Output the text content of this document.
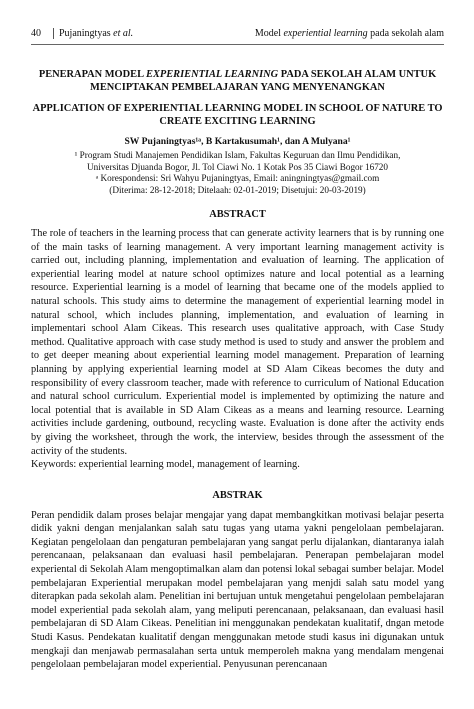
40	Pujaningtyas et al.	Model experiential learning pada sekolah alam
PENERAPAN MODEL EXPERIENTIAL LEARNING PADA SEKOLAH ALAM UNTUK MENCIPTAKAN PEMBELAJARAN YANG MENYENANGKAN
APPLICATION OF EXPERIENTIAL LEARNING MODEL IN SCHOOL OF NATURE TO CREATE EXCITING LEARNING
SW Pujaningtyas¹ᵃ, B Kartakusumah¹, dan A Mulyana¹
¹ Program Studi Manajemen Pendidikan Islam, Fakultas Keguruan dan Ilmu Pendidikan,
Universitas Djuanda Bogor, Jl. Tol Ciawi No. 1 Kotak Pos 35 Ciawi Bogor 16720
ᵃ Korespondensi: Sri Wahyu Pujaningtyas, Email: aningningtyas@gmail.com
(Diterima: 28-12-2018; Ditelaah: 02-01-2019; Disetujui: 20-03-2019)
ABSTRACT

The role of teachers in the learning process that can generate activity learners that is by running one of the main tasks of learning management. A very important learning management activity is carried out, including planning, implementation and evaluation of learning. The application of experiential learing model at nature school optimizes nature and local potential as a learning resource. Experiential learning is a model of learning that became one of the models applied to natural schools. This study aims to determine the management of experiential learning model in natural school, which includes planning, implementation, and evaluation of learning in implementari school Alam Cikeas. This research uses qualitative approach, with Case Study method. Qualitative approach with case study method is used to study and answer the problem and to get deeper meaning about experiential learning model management. Preparation of learning planning by applying experiential learning model at SD Alam Cikeas becomes the duty and responsibility of every classroom teacher, made with reference to curriculum of National Education and natural school curriculum. Experiential model is implemented by optimizing the nature and local potential that is available in SD Alam Cikeas as a means and learning resource. Learning activities include gardening, outbound, recycling waste. Evaluation is done after the activity ends by giving the worksheet, through the work, the interview, besides through the assessment of the activity of the students.

Keywords: experiential learning model, management of learning.

ABSTRAK

Peran pendidik dalam proses belajar mengajar yang dapat membangkitkan motivasi belajar peserta didik yakni dengan menjalankan salah satu tugas yang utama yakni pengelolaan pembelajaran. Kegiatan pengelolaan dan pengaturan pembelajaran yang sangat perlu dijalankan, diantaranya ialah perencanaan, pelaksanaan dan evaluasi hasil pembelajaran. Penerapan pembelajaran model experiental di Sekolah Alam mengoptimalkan alam dan potensi lokal sebagai sumber belajar. Model pembelajaran Experiential merupakan model pembelajaran yang menjdi salah satu model yang diterapkan pada sekolah alam. Penelitian ini bertujuan untuk mengetahui pengelolaan pembelajaran model experiential pada sekolah alam, yang meliputi perencanaan, pelaksanaan, dan evaluasi hasil pembelajaran di SD Alam Cikeas. Penelitian ini menggunakan pendekatan kualitatif, dngan metode Studi Kasus. Pendekatan kualitatif dengan menggunakan metode studi kasus ini digunakan untuk mengkaji dan menjawab permasalahan serta untuk memperoleh makna yang mendalam mengenai pengelolaan pembelajaran model experiential. Penyusunan perencanaan
